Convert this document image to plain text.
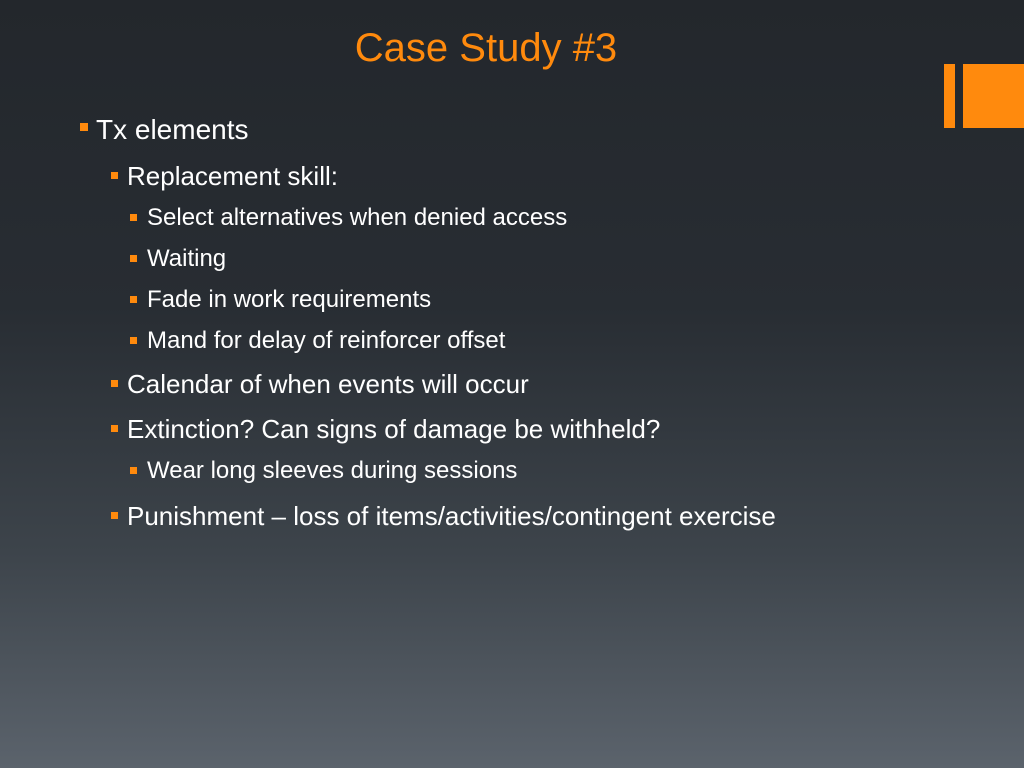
Case Study #3
Tx elements
Replacement skill:
Select alternatives when denied access
Waiting
Fade in work requirements
Mand for delay of reinforcer offset
Calendar of when events will occur
Extinction? Can signs of damage be withheld?
Wear long sleeves during sessions
Punishment – loss of items/activities/contingent exercise
